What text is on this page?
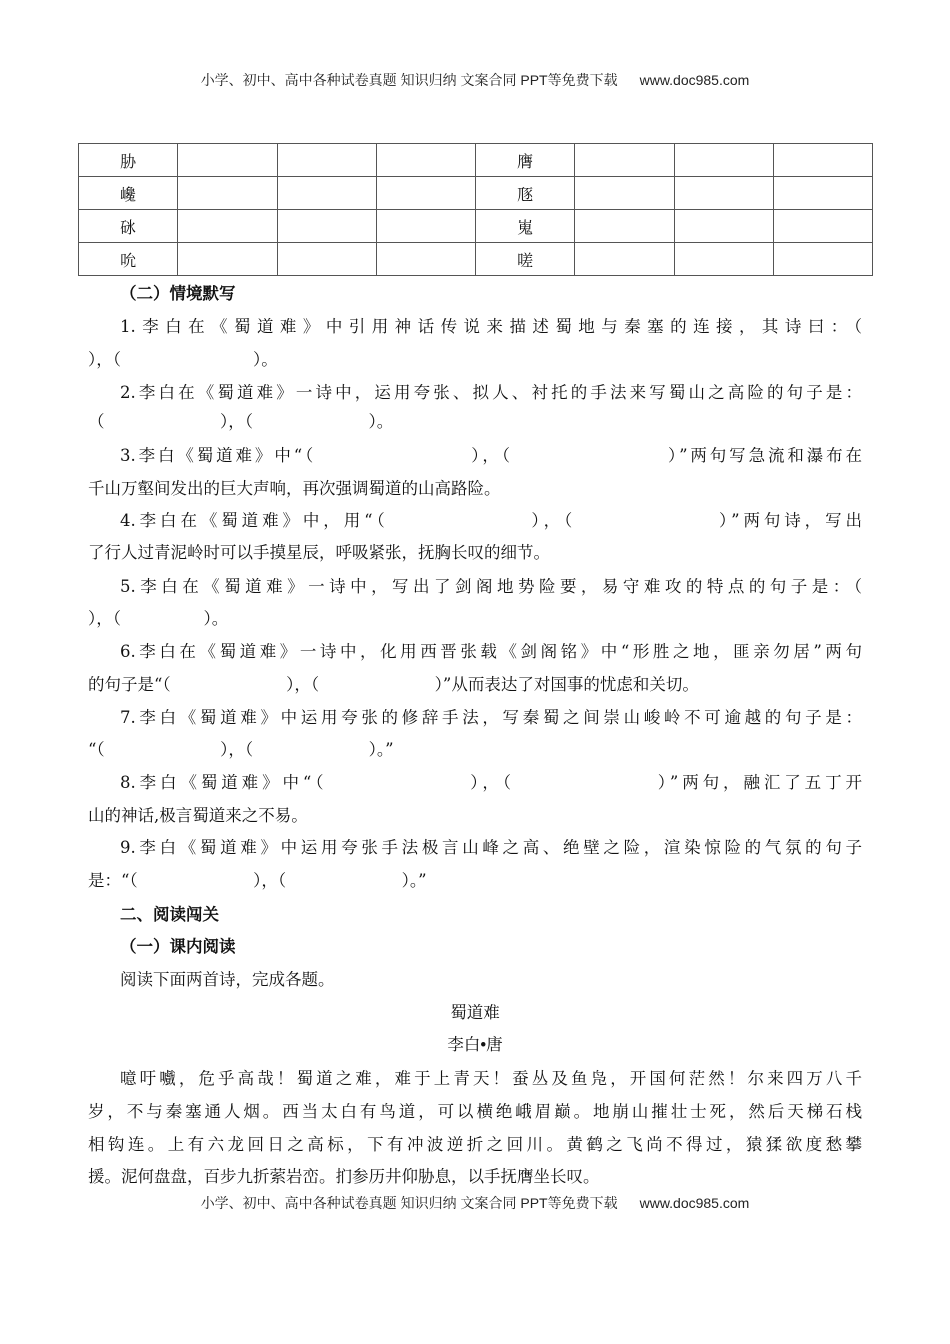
小学、初中、高中各种试卷真题 知识归纳 文案合同 PPT等免费下载 www.doc985.com
胁				膺			
巉				豗			
砯				嵬			
吮				嗟			
（二）情境默写
1.李白在《蜀道难》中引用神话传说来描述蜀地与秦塞的连接，其诗曰：（
），（　　　　　　　　）。
2.李白在《蜀道难》一诗中，运用夸张、拟人、衬托的手法来写蜀山之高险的句子是：
（　　　　　　　），（　　　　　　　）。
3.李白《蜀道难》中“（　　　　　　　　），（　　　　　　　　）”两句写急流和瀑布在
千山万壑间发出的巨大声响，再次强调蜀道的山高路险。
4.李白在《蜀道难》中，用“（　　　　　　　），（　　　　　　　）”两句诗，写出
了行人过青泥岭时可以手摸星辰，呼吸紧张，抚胸长叹的细节。
5.李白在《蜀道难》一诗中，写出了剑阁地势险要，易守难攻的特点的句子是：（
），（　　　　　）。
6.李白在《蜀道难》一诗中，化用西晋张载《剑阁铭》中“形胜之地，匪亲勿居”两句
的句子是“（　　　　　　　），（　　　　　　　）”从而表达了对国事的忧虑和关切。
7.李白《蜀道难》中运用夸张的修辞手法，写秦蜀之间崇山峻岭不可逾越的句子是：
“（　　　　　　　），（　　　　　　　）。”
8.李白《蜀道难》中“（　　　　　　　），（　　　　　　　）”两句，融汇了五丁开
山的神话,极言蜀道来之不易。
9.李白《蜀道难》中运用夸张手法极言山峰之高、绝壁之险，渲染惊险的气氛的句子
是：“（　　　　　　　），（　　　　　　　）。”
二、阅读闯关
（一）课内阅读
阅读下面两首诗，完成各题。
蜀道难
李白•唐
噫吁嚱，危乎高哉！蜀道之难，难于上青天！蚕丛及鱼凫，开国何茫然！尔来四万八千
岁，不与秦塞通人烟。西当太白有鸟道，可以横绝峨眉巅。地崩山摧壮士死，然后天梯石栈
相钩连。上有六龙回日之高标，下有冲波逆折之回川。黄鹤之飞尚不得过，猿猱欲度愁攀
援。泥何盘盘，百步九折萦岩峦。扪参历井仰胁息，以手抚膺坐长叹。
小学、初中、高中各种试卷真题 知识归纳 文案合同 PPT等免费下载 www.doc985.com
